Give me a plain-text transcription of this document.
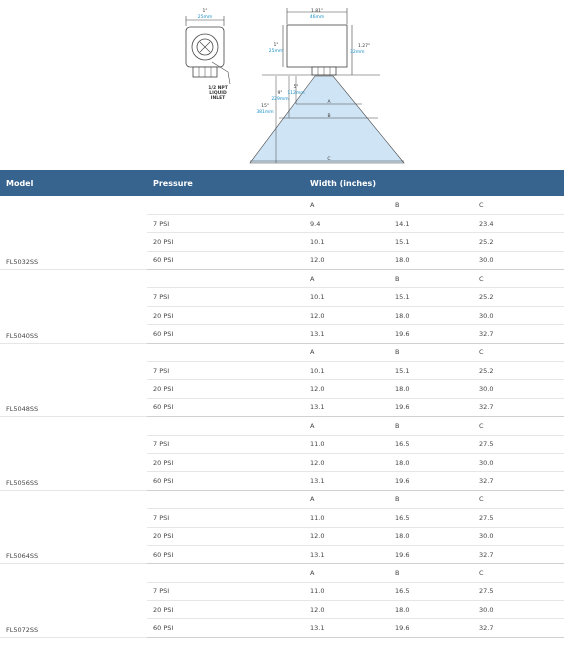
1"
25mm
1/2 NPT
LIQUID
INLET
1.81"
46mm
1"
25mm
1.27"
32mm
A
B
C
5"
112mm
9"
229mm
15"
381mm
Model	Pressure	Width (inches)		
FL5032SS		A	B	C
	7 PSI	9.4	14.1	23.4
	20 PSI	10.1	15.1	25.2
	60 PSI	12.0	18.0	30.0
FL5040SS		A	B	C
	7 PSI	10.1	15.1	25.2
	20 PSI	12.0	18.0	30.0
	60 PSI	13.1	19.6	32.7
FL5048SS		A	B	C
	7 PSI	10.1	15.1	25.2
	20 PSI	12.0	18.0	30.0
	60 PSI	13.1	19.6	32.7
FL5056SS		A	B	C
	7 PSI	11.0	16.5	27.5
	20 PSI	12.0	18.0	30.0
	60 PSI	13.1	19.6	32.7
FL5064SS		A	B	C
	7 PSI	11.0	16.5	27.5
	20 PSI	12.0	18.0	30.0
	60 PSI	13.1	19.6	32.7
FL5072SS		A	B	C
	7 PSI	11.0	16.5	27.5
	20 PSI	12.0	18.0	30.0
	60 PSI	13.1	19.6	32.7
